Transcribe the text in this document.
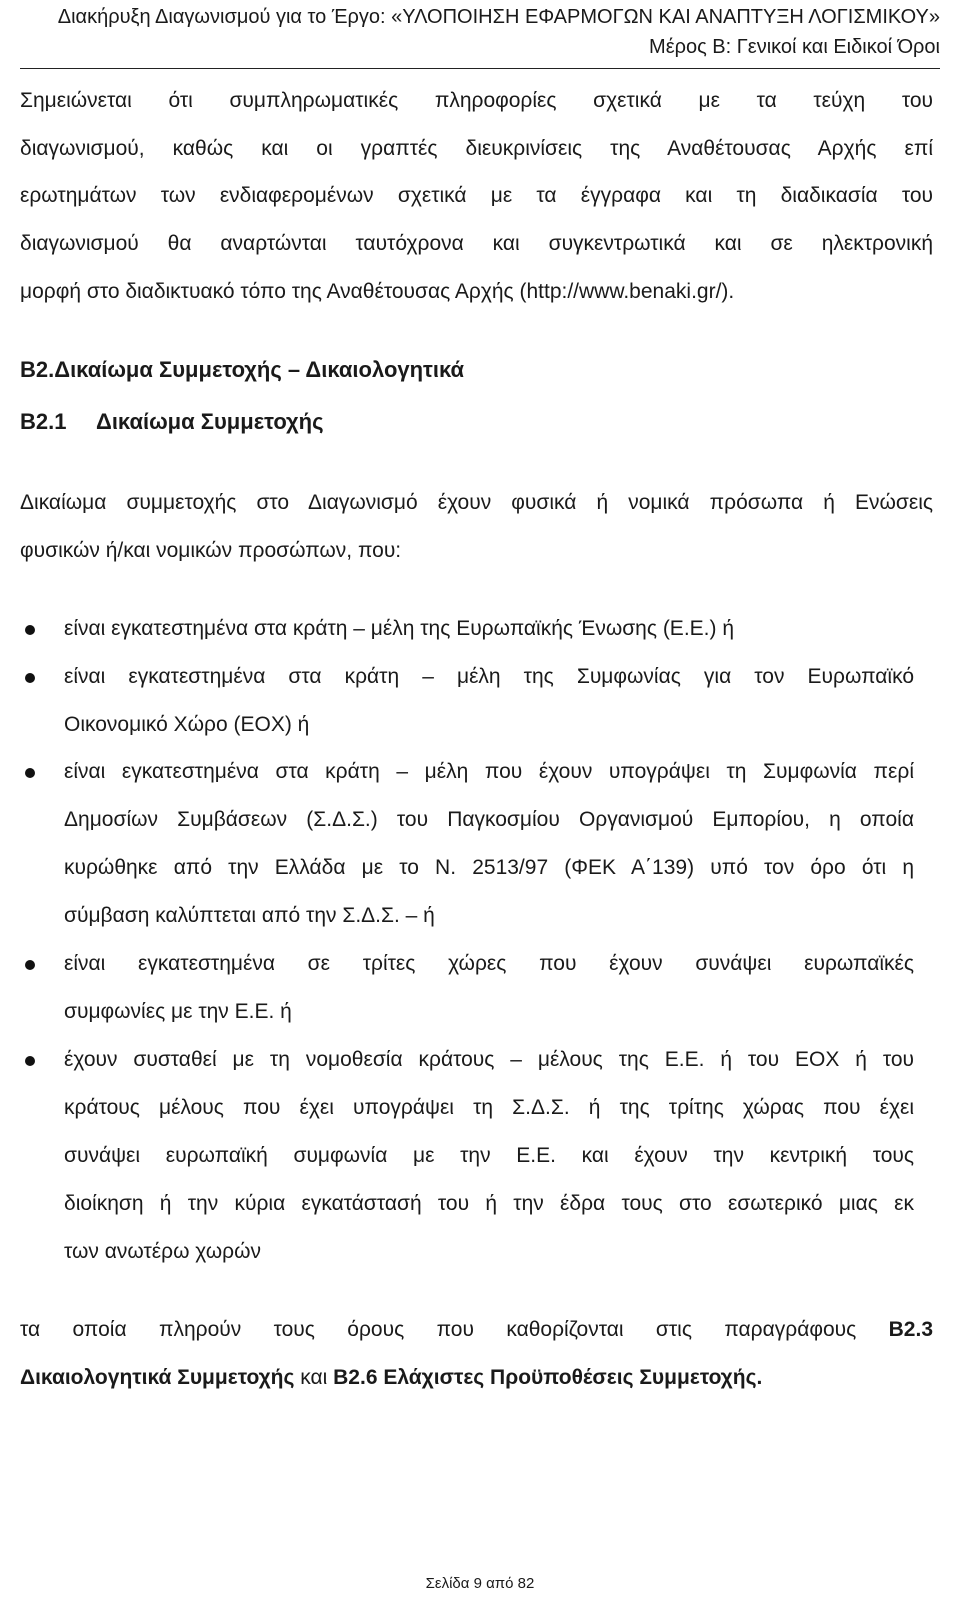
Διακήρυξη Διαγωνισμού για το Έργο: «ΥΛΟΠΟΙΗΣΗ ΕΦΑΡΜΟΓΩΝ ΚΑΙ ΑΝΑΠΤΥΞΗ ΛΟΓΙΣΜΙΚΟΥ»
Μέρος Β: Γενικοί και Ειδικοί Όροι
Σημειώνεται ότι συμπληρωματικές πληροφορίες σχετικά με τα τεύχη του
διαγωνισμού, καθώς και οι γραπτές διευκρινίσεις της Αναθέτουσας Αρχής επί
ερωτημάτων των ενδιαφερομένων σχετικά με τα έγγραφα και τη διαδικασία του
διαγωνισμού θα αναρτώνται ταυτόχρονα και συγκεντρωτικά και σε ηλεκτρονική
μορφή στο διαδικτυακό τόπο της Αναθέτουσας Αρχής (http://www.benaki.gr/).
B2.Δικαίωμα Συμμετοχής – Δικαιολογητικά
B2.1 Δικαίωμα Συμμετοχής
Δικαίωμα συμμετοχής στο Διαγωνισμό έχουν φυσικά ή νομικά πρόσωπα ή Ενώσεις
φυσικών ή/και νομικών προσώπων, που:
είναι εγκατεστημένα στα κράτη – μέλη της Ευρωπαϊκής Ένωσης (Ε.Ε.) ή
είναι εγκατεστημένα στα κράτη – μέλη της Συμφωνίας για τον Ευρωπαϊκό
Οικονομικό Χώρο (ΕΟΧ) ή
είναι εγκατεστημένα στα κράτη – μέλη που έχουν υπογράψει τη Συμφωνία περί
Δημοσίων Συμβάσεων (Σ.Δ.Σ.) του Παγκοσμίου Οργανισμού Εμπορίου, η οποία
κυρώθηκε από την Ελλάδα με το Ν. 2513/97 (ΦΕΚ Α΄139) υπό τον όρο ότι η
σύμβαση καλύπτεται από την Σ.Δ.Σ. – ή
είναι εγκατεστημένα σε τρίτες χώρες που έχουν συνάψει ευρωπαϊκές
συμφωνίες με την Ε.Ε. ή
έχουν συσταθεί με τη νομοθεσία κράτους – μέλους της Ε.Ε. ή του ΕΟΧ ή του
κράτους μέλους που έχει υπογράψει τη Σ.Δ.Σ. ή της τρίτης χώρας που έχει
συνάψει ευρωπαϊκή συμφωνία με την Ε.Ε. και έχουν την κεντρική τους
διοίκηση ή την κύρια εγκατάστασή του ή την έδρα τους στο εσωτερικό μιας εκ
των ανωτέρω χωρών
τα οποία πληρούν τους όρους που καθορίζονται στις παραγράφους Β2.3
Δικαιολογητικά Συμμετοχής και Β2.6 Ελάχιστες Προϋποθέσεις Συμμετοχής.
Σελίδα 9 από 82
